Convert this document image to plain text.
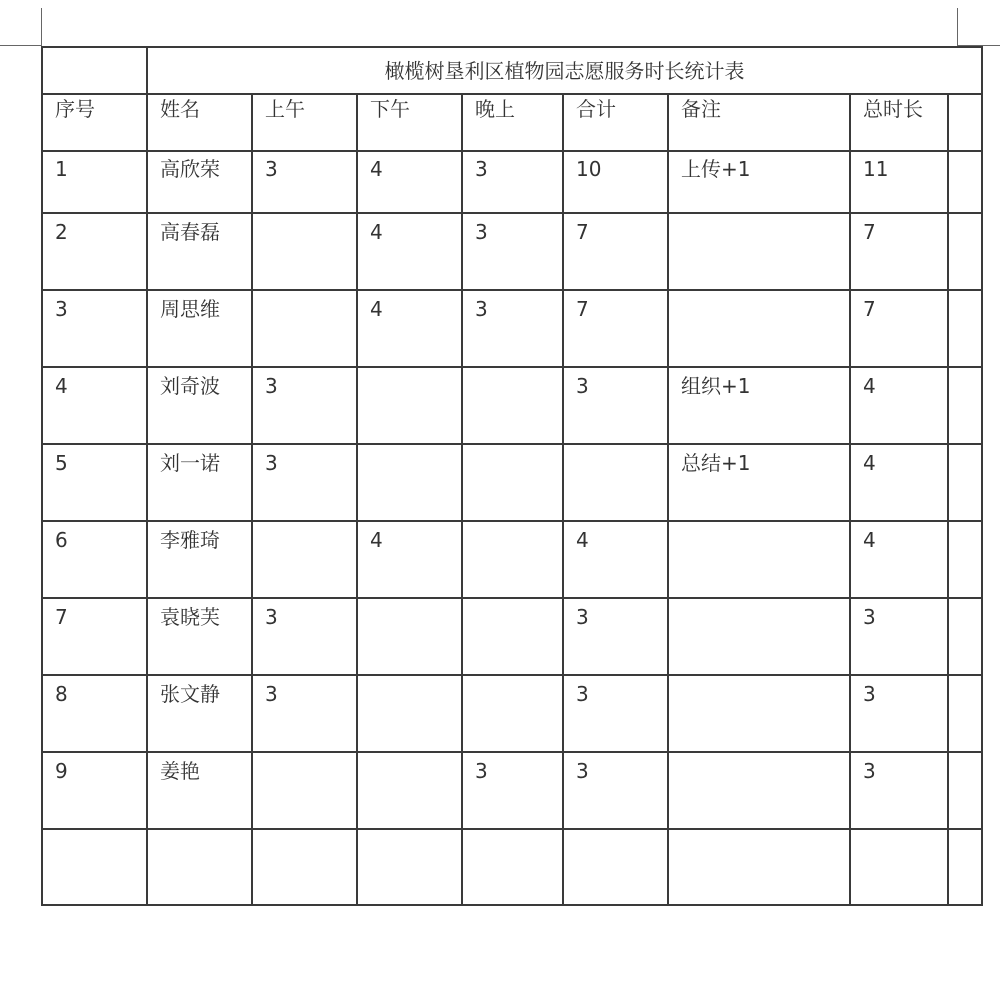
	橄榄树垦利区植物园志愿服务时长统计表							
序号	姓名	上午	下午	晚上	合计	备注	总时长	
1	高欣荣	3	4	3	10	上传+1	11	
2	高春磊		4	3	7		7	
3	周思维		4	3	7		7	
4	刘奇波	3			3	组织+1	4	
5	刘一诺	3				总结+1	4	
6	李雅琦		4		4		4	
7	袁晓芙	3			3		3	
8	张文静	3			3		3	
9	姜艳			3	3		3	
